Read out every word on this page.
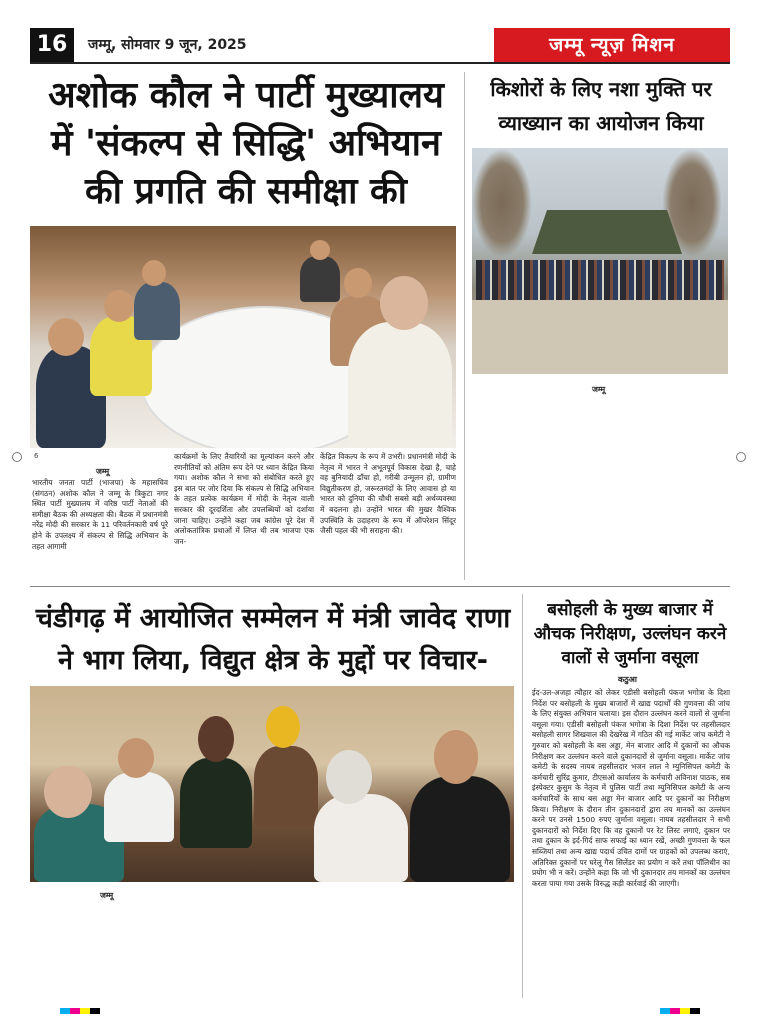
16	जम्मू, सोमवार 9 जून, 2025	जम्मू न्यूज़ मिशन
अशोक कौल ने पार्टी मुख्यालय में 'संकल्प से सिद्धि' अभियान की प्रगति की समीक्षा की
6
जम्मू
भारतीय जनता पार्टी (भाजपा) के महासचिव (संगठन) अशोक कौल ने जम्मू के त्रिकुटा नगर स्थित पार्टी मुख्यालय में वरिष्ठ पार्टी नेताओं की समीक्षा बैठक की अध्यक्षता की। बैठक में प्रधानमंत्री नरेंद्र मोदी की सरकार के 11 परिवर्तनकारी वर्ष पूरे होने के उपलक्ष्य में संकल्प से सिद्धि अभियान के तहत आगामी
कार्यक्रमों के लिए तैयारियों का मूल्यांकन करने और रणनीतियों को अंतिम रूप देने पर ध्यान केंद्रित किया गया। अशोक कौल ने सभा को संबोधित करते हुए इस बात पर जोर दिया कि संकल्प से सिद्धि अभियान के तहत प्रत्येक कार्यक्रम में मोदी के नेतृत्व वाली सरकार की दूरदर्शिता और उपलब्धियों को दर्शाया जाना चाहिए। उन्होंने कहा जब कांग्रेस पूरे देश में अलोकतांत्रिक प्रथाओं में लिप्त थी तब भाजपा एक जन-
केंद्रित विकल्प के रूप में उभरी। प्रधानमंत्री मोदी के नेतृत्व में भारत ने अभूतपूर्व विकास देखा है, चाहे वह बुनियादी ढाँचा हो, गरीबी उन्मूलन हो, ग्रामीण विद्युतीकरण हो, जरूरतमंदों के लिए आवास हो या भारत को दुनिया की चौथी सबसे बड़ी अर्थव्यवस्था में बदलना हो। उन्होंने भारत की मुखर वैश्विक उपस्थिति के उदाहरण के रूप में ऑपरेशन सिंदूर जैसी पहल की भी सराहना की।
किशोरों के लिए नशा मुक्ति पर व्याख्यान का आयोजन किया
जम्मू
चंडीगढ़ में आयोजित सम्मेलन में मंत्री जावेद राणा ने भाग लिया, विद्युत क्षेत्र के मुद्दों पर विचार-
जम्मू
बसोहली के मुख्य बाजार में औचक निरीक्षण, उल्लंघन करने वालों से जुर्माना वसूला
कठुआ
ईद-उल-अजहा त्यौहार को लेकर एडीसी बसोहली पंकज भगोत्रा के दिशा निर्देश पर बसोहली के मुख्य बाजारों में खाद्य पदार्थों की गुणवत्ता की जांच के लिए संयुक्त अभियान चलाया। इस दौरान उल्लंघन करने वालों से जुर्माना वसूला गया। एडीसी बसोहली पंकज भगोत्रा के दिशा निर्देश पर तहसीलदार बसोहली सागर शिखवाल की देखरेख में गठित की गई मार्केट जांच कमेटी ने गुरुवार को बसोहली के बस अड्डा, मेन बाजार आदि में दुकानों का औचक निरीक्षण कर उल्लंघन करने वाले दुकानदारों से जुर्माना वसूला। मार्केट जांच कमेटी के सदस्य नायब तहसीलदार भजन लाल ने म्युनिसिपल कमेटी के कर्मचारी सुरिंद्र कुमार, टीएसओ कार्यालय के कर्मचारी अविनाश पाठक, सब इंस्पेक्टर कुसुम के नेतृत्व में पुलिस पार्टी तथा म्युनिसिपल कमेटी के अन्य कर्मचारियों के साथ बस अड्डा मेन बाजार आदि पर दुकानों का निरीक्षण किया। निरीक्षण के दौरान तीन दुकानदारों द्वारा तय मानकों का उल्लंघन करने पर उनसे 1500 रुपए जुर्माना वसूला। नायब तहसीलदार ने सभी दुकानदारों को निर्देश दिए कि वह दुकानों पर रेट लिस्ट लगाएं, दुकान पर तथा दुकान के इर्द-गिर्द साफ सफाई का ध्यान रखें, अच्छी गुणवत्ता के फल सब्जियां तथा अन्य खाद्य पदार्थ उचित दामों पर ग्राहकों को उपलब्ध कराएं, अतिरिक्त दुकानों पर घरेलू गैस सिलेंडर का प्रयोग न करें तथा पॉलिथीन का प्रयोग भी न करें। उन्होंने कहा कि जो भी दुकानदार तय मानकों का उल्लंघन करता पाया गया उसके विरुद्ध कड़ी कार्रवाई की जाएगी।
